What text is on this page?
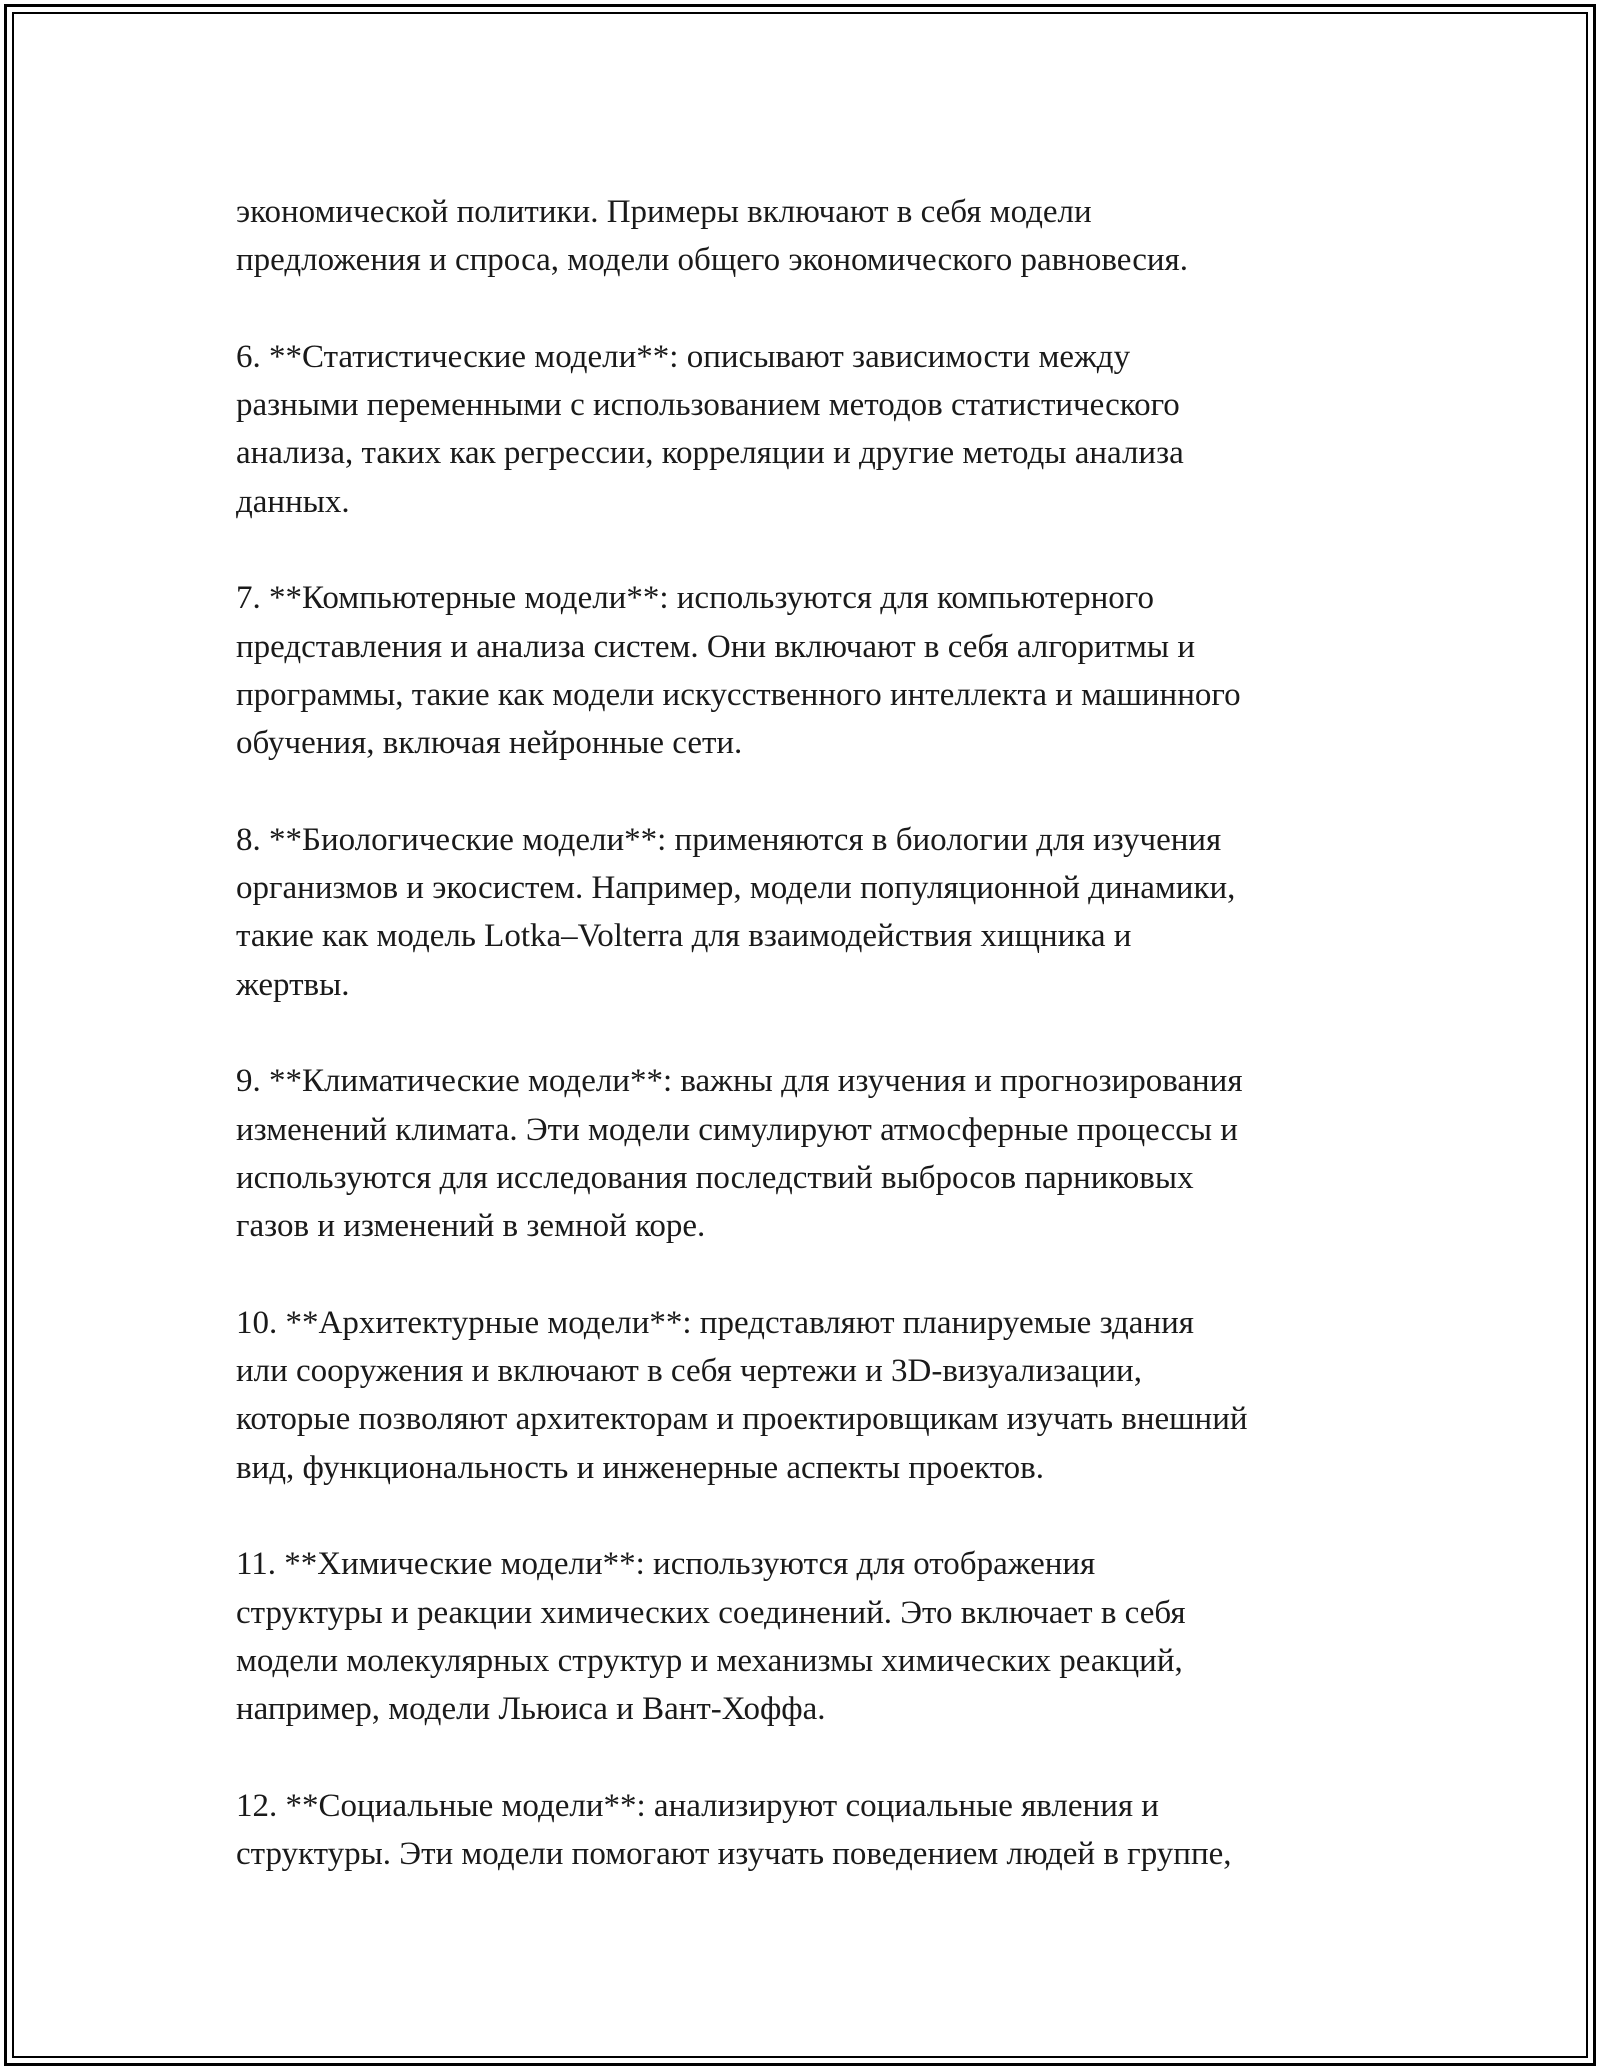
экономической политики. Примеры включают в себя модели
предложения и спроса, модели общего экономического равновесия.

6. **Статистические модели**: описывают зависимости между
разными переменными с использованием методов статистического
анализа, таких как регрессии, корреляции и другие методы анализа
данных.

7. **Компьютерные модели**: используются для компьютерного
представления и анализа систем. Они включают в себя алгоритмы и
программы, такие как модели искусственного интеллекта и машинного
обучения, включая нейронные сети.

8. **Биологические модели**: применяются в биологии для изучения
организмов и экосистем. Например, модели популяционной динамики,
такие как модель Lotka–Volterra для взаимодействия хищника и
жертвы.

9. **Климатические модели**: важны для изучения и прогнозирования
изменений климата. Эти модели симулируют атмосферные процессы и
используются для исследования последствий выбросов парниковых
газов и изменений в земной коре.

10. **Архитектурные модели**: представляют планируемые здания
или сооружения и включают в себя чертежи и 3D-визуализации,
которые позволяют архитекторам и проектировщикам изучать внешний
вид, функциональность и инженерные аспекты проектов.

11. **Химические модели**: используются для отображения
структуры и реакции химических соединений. Это включает в себя
модели молекулярных структур и механизмы химических реакций,
например, модели Льюиса и Вант-Хоффа.

12. **Социальные модели**: анализируют социальные явления и
структуры. Эти модели помогают изучать поведением людей в группе,
